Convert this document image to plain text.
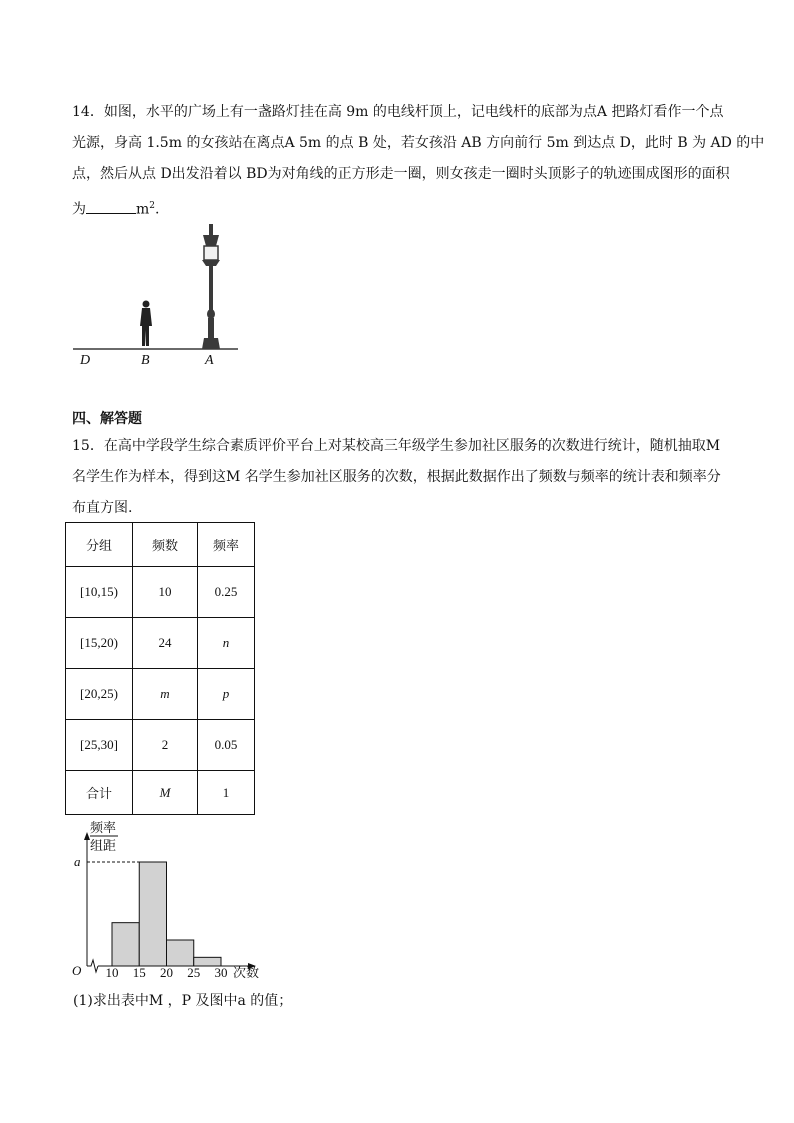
14．如图，水平的广场上有一盏路灯挂在高 9m 的电线杆顶上，记电线杆的底部为点A 把路灯看作一个点
光源，身高 1.5m 的女孩站在离点A 5m 的点 B 处，若女孩沿 AB 方向前行 5m 到达点 D，此时 B 为 AD 的中
点，然后从点 D出发沿着以 BD为对角线的正方形走一圈，则女孩走一圈时头顶影子的轨迹围成图形的面积
为	$m^2$.
D	B	A
四、解答题
15．在高中学段学生综合素质评价平台上对某校高三年级学生参加社区服务的次数进行统计，随机抽取M
名学生作为样本，得到这M 名学生参加社区服务的次数，根据此数据作出了频数与频率的统计表和频率分
布直方图.
分组	频数	频率
[10,15)	10	0.25
[15,20)	24	n
[20,25)	m	p
[25,30]	2	0.05
合计	M	1
频率
组距
a
O	次数
10 15 20 25 30
(1)求出表中M ，P 及图中a 的值；
